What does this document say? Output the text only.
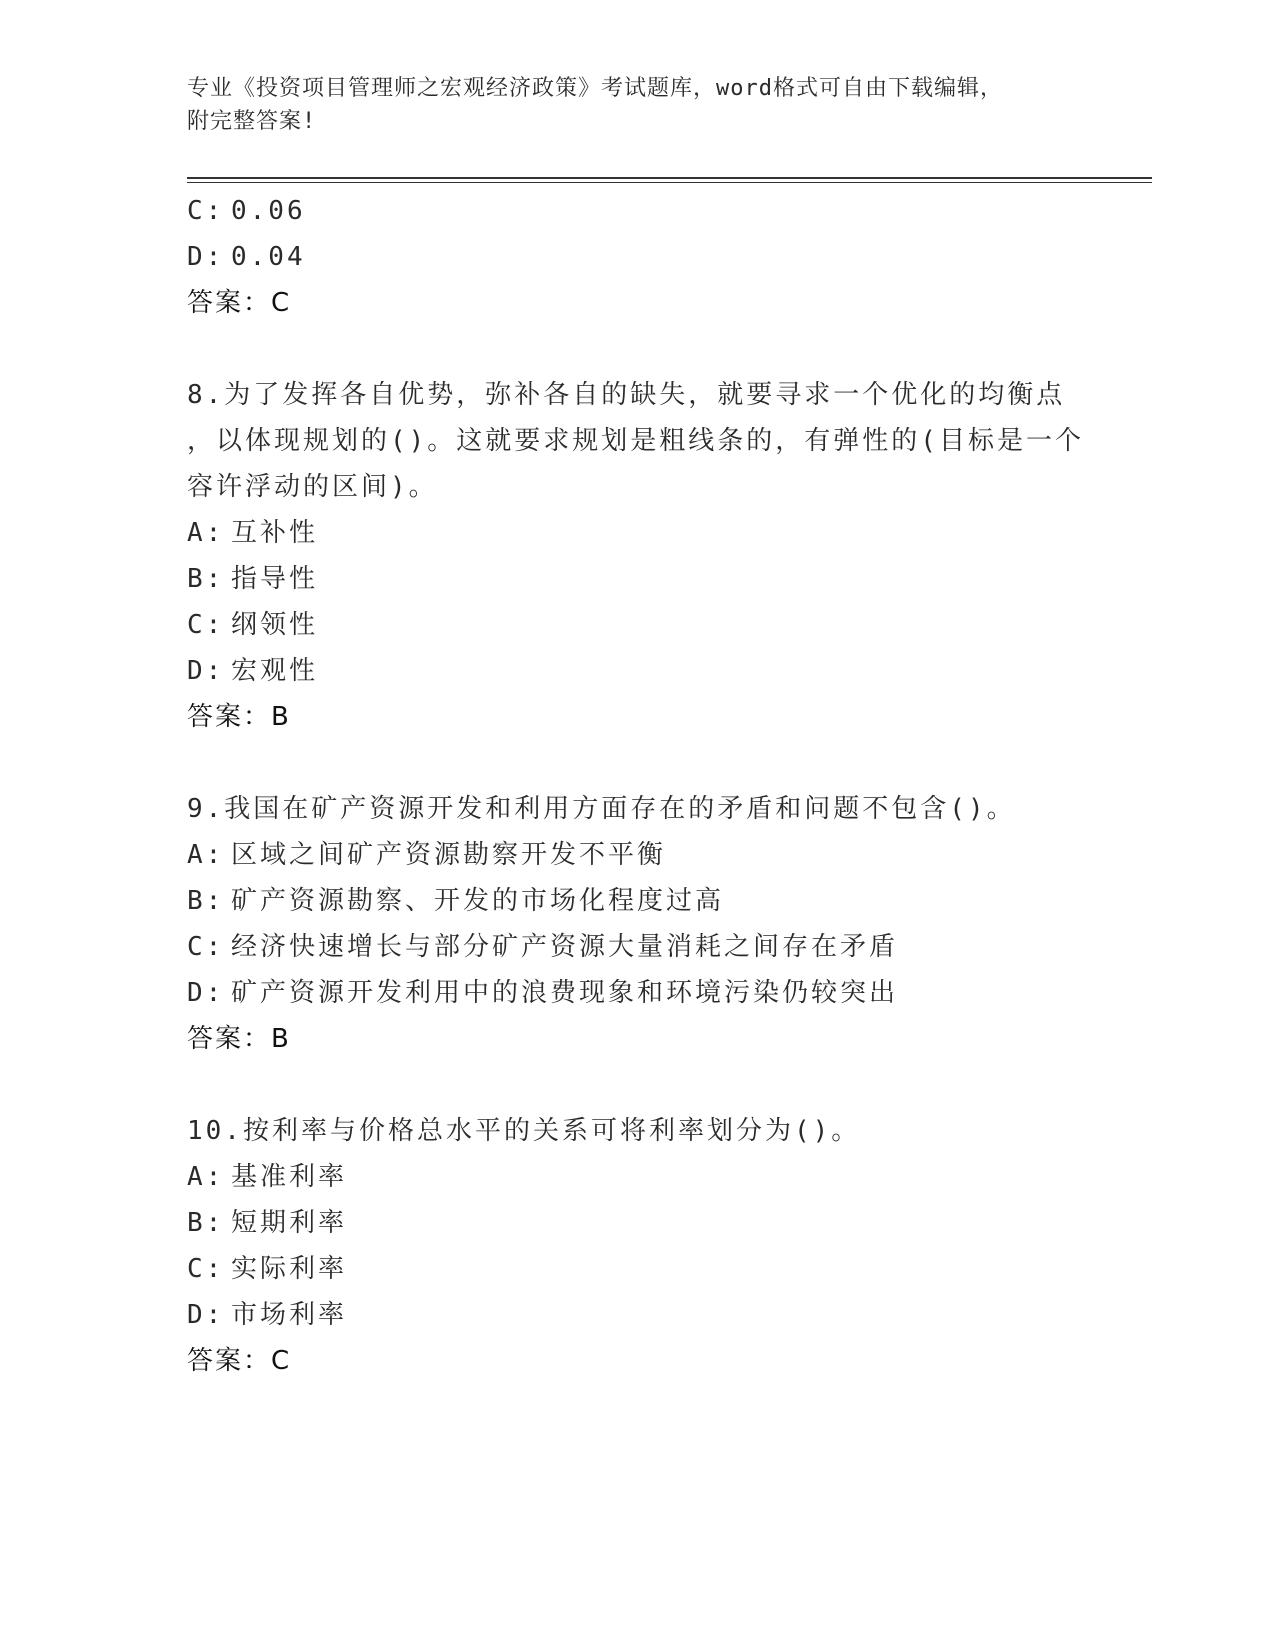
专业《投资项目管理师之宏观经济政策》考试题库，word格式可自由下载编辑，
附完整答案!
C: 0.06
D: 0.04
答案：C
8.为了发挥各自优势，弥补各自的缺失，就要寻求一个优化的均衡点
，以体现规划的()。这就要求规划是粗线条的，有弹性的(目标是一个
容许浮动的区间)。
A: 互补性
B: 指导性
C: 纲领性
D: 宏观性
答案：B
9.我国在矿产资源开发和利用方面存在的矛盾和问题不包含()。
A: 区域之间矿产资源勘察开发不平衡
B: 矿产资源勘察、开发的市场化程度过高
C: 经济快速增长与部分矿产资源大量消耗之间存在矛盾
D: 矿产资源开发利用中的浪费现象和环境污染仍较突出
答案：B
10.按利率与价格总水平的关系可将利率划分为()。
A: 基准利率
B: 短期利率
C: 实际利率
D: 市场利率
答案：C
